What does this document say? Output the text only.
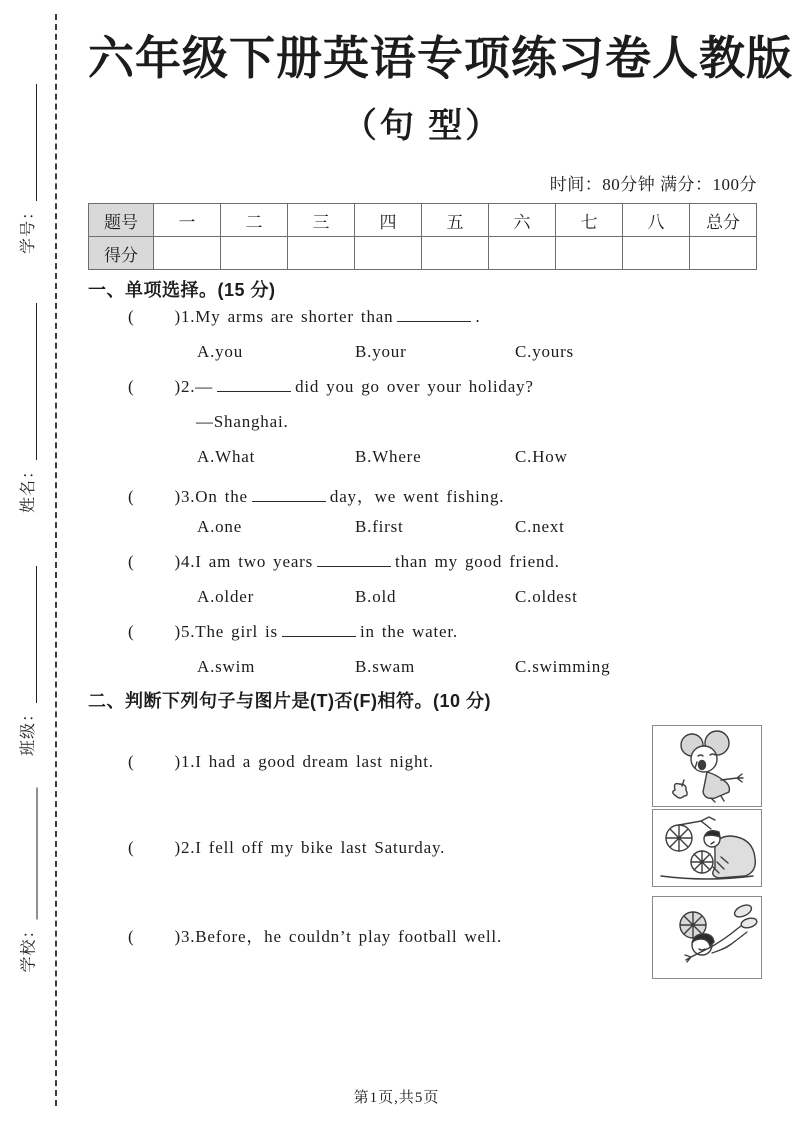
学号：
姓名：
班级：
学校：
六年级下册英语专项练习卷人教版
（句 型）
时间：80分钟 满分：100分
题号	一	二	三	四	五	六	七	八	总分
得分									
一、单项选择。(15 分)
( )1.My arms are shorter than	.
A.you	B.your	C.yours
( )2.—	did you go over your holiday?
—Shanghai.
A.What	B.Where	C.How
( )3.On the	day，we went fishing.
A.one	B.first	C.next
( )4.I am two years	than my good friend.
A.older	B.old	C.oldest
( )5.The girl is	in the water.
A.swim	B.swam	C.swimming
二、判断下列句子与图片是(T)否(F)相符。(10 分)
( )1.I had a good dream last night.
( )2.I fell off my bike last Saturday.
( )3.Before，he couldn’t play football well.
第1页,共5页
